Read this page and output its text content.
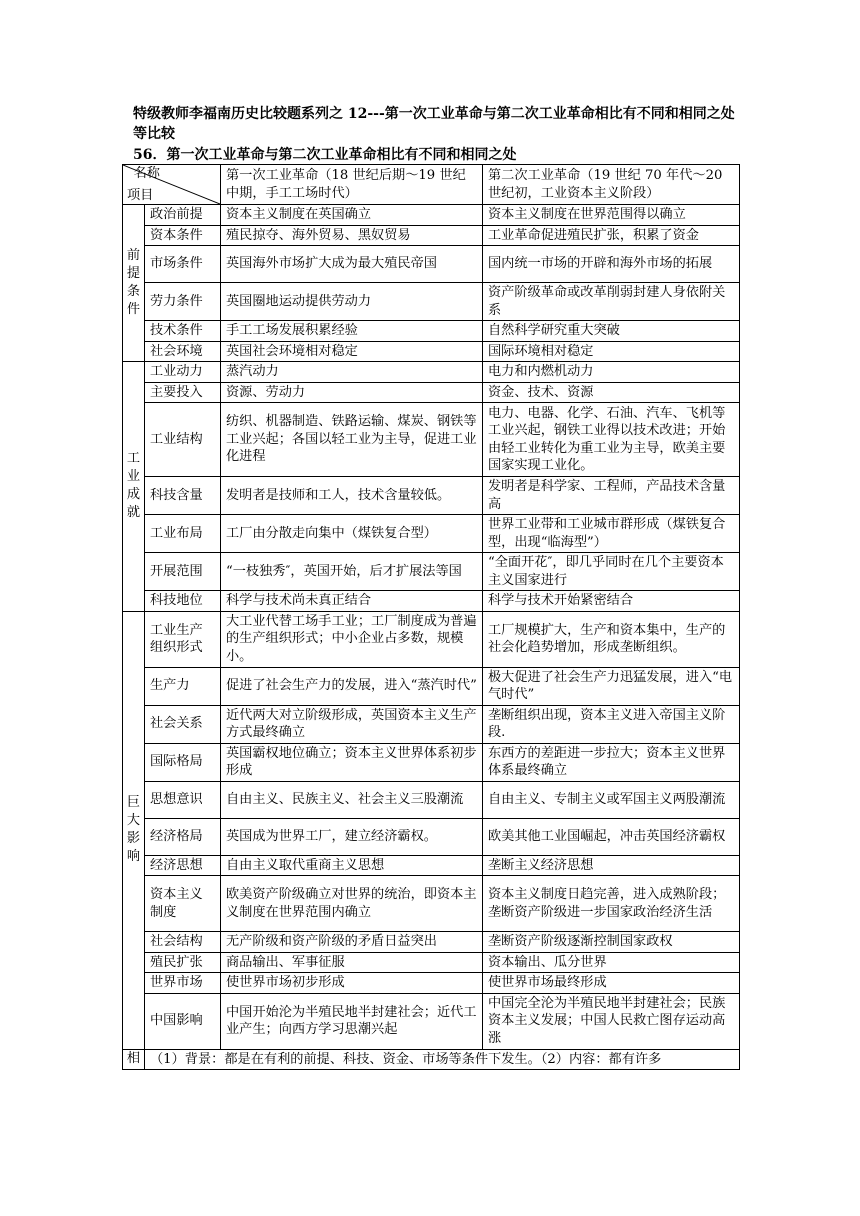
特级教师李福南历史比较题系列之 12---第一次工业革命与第二次工业革命相比有不同和相同之处等比较
56．第一次工业革命与第二次工业革命相比有不同和相同之处
名称
项目		第一次工业革命（18 世纪后期～19 世纪中期，手工工场时代）	第二次工业革命（19 世纪 70 年代～20 世纪初，工业资本主义阶段）

前提条件	政治前提	资本主义制度在英国确立	资本主义制度在世界范围得以确立
	资本条件	殖民掠夺、海外贸易、黑奴贸易	工业革命促进殖民扩张，积累了资金
	市场条件	英国海外市场扩大成为最大殖民帝国	国内统一市场的开辟和海外市场的拓展
	劳力条件	英国圈地运动提供劳动力	资产阶级革命或改革削弱封建人身依附关系
	技术条件	手工工场发展积累经验	自然科学研究重大突破
	社会环境	英国社会环境相对稳定	国际环境相对稳定

工业成就	工业动力	蒸汽动力	电力和内燃机动力
	主要投入	资源、劳动力	资金、技术、资源
	工业结构	纺织、机器制造、铁路运输、煤炭、钢铁等工业兴起；各国以轻工业为主导，促进工业化进程	电力、电器、化学、石油、汽车、飞机等工业兴起，钢铁工业得以技术改进；开始由轻工业转化为重工业为主导，欧美主要国家实现工业化。
	科技含量	发明者是技师和工人，技术含量较低。	发明者是科学家、工程师，产品技术含量高
	工业布局	工厂由分散走向集中（煤铁复合型）	世界工业带和工业城市群形成（煤铁复合型，出现“临海型”）
	开展范围	“一枝独秀″，英国开始，后才扩展法等国	“全面开花″，即几乎同时在几个主要资本主义国家进行
	科技地位	科学与技术尚未真正结合	科学与技术开始紧密结合

巨大影响	工业生产组织形式	大工业代替工场手工业；工厂制度成为普遍的生产组织形式；中小企业占多数，规模小。	工厂规模扩大，生产和资本集中，生产的社会化趋势增加，形成垄断组织。
	生产力	促进了社会生产力的发展，进入“蒸汽时代”	极大促进了社会生产力迅猛发展，进入“电气时代”
	社会关系	近代两大对立阶级形成，英国资本主义生产方式最终确立	垄断组织出现，资本主义进入帝国主义阶段.
	国际格局	英国霸权地位确立；资本主义世界体系初步形成	东西方的差距进一步拉大；资本主义世界体系最终确立
	思想意识	自由主义、民族主义、社会主义三股潮流	自由主义、专制主义或军国主义两股潮流
	经济格局	英国成为世界工厂，建立经济霸权。	欧美其他工业国崛起，冲击英国经济霸权
	经济思想	自由主义取代重商主义思想	垄断主义经济思想
	资本主义制度	欧美资产阶级确立对世界的统治，即资本主义制度在世界范围内确立	资本主义制度日趋完善，进入成熟阶段；垄断资产阶级进一步国家政治经济生活
	社会结构	无产阶级和资产阶级的矛盾日益突出	垄断资产阶级逐渐控制国家政权
	殖民扩张	商品输出、军事征服	资本输出、瓜分世界
	世界市场	使世界市场初步形成	使世界市场最终形成
	中国影响	中国开始沦为半殖民地半封建社会；近代工业产生；向西方学习思潮兴起	中国完全沦为半殖民地半封建社会；民族资本主义发展；中国人民救亡图存运动高涨

相	（1）背景：都是在有利的前提、科技、资金、市场等条件下发生。（2）内容：都有许多		
